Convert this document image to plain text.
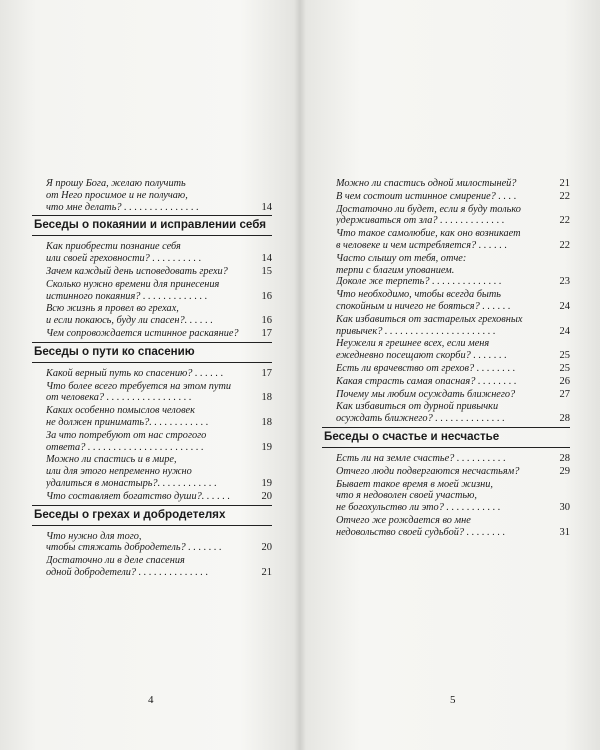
Я прошу Бога, желаю получить
от Него просимое и не получаю,
что мне делать? . . . . . . . . . . . . . . .	14
Беседы о покаянии и исправлении себя
Как приобрести познание себя
или своей греховности? . . . . . . . . . .	14
Зачем каждый день исповедовать грехи?	15
Сколько нужно времени для принесения
истинного покаяния? . . . . . . . . . . . . .	16
Всю жизнь я провел во грехах,
и если покаюсь, буду ли спасен?. . . . . .	16
Чем сопровождается истинное раскаяние?	17
Беседы о пути ко спасению
Какой верный путь ко спасению? . . . . . .	17
Что более всего требуется на этом пути
от человека? . . . . . . . . . . . . . . . . .	18
Каких особенно помыслов человек
не должен принимать?. . . . . . . . . . . .	18
За что потребуют от нас строгого
ответа? . . . . . . . . . . . . . . . . . . . . . . .	19
Можно ли спастись и в мире,
или для этого непременно нужно
удалиться в монастырь?. . . . . . . . . . . .	19
Что составляет богатство души?. . . . . .	20
Беседы о грехах и добродетелях
Что нужно для того,
чтобы стяжать добродетель? . . . . . . .	20
Достаточно ли в деле спасения
одной добродетели? . . . . . . . . . . . . . .	21
4
Можно ли спастись одной милостыней?	21
В чем состоит истинное смирение? . . . .	22
Достаточно ли будет, если я буду только
удерживаться от зла? . . . . . . . . . . . . .	22
Что такое самолюбие, как оно возникает
в человеке и чем истребляется? . . . . . .	22
Часто слышу от тебя, отче:
терпи с благим упованием.
Доколе же терпеть? . . . . . . . . . . . . . .	23
Что необходимо, чтобы всегда быть
спокойным и ничего не бояться? . . . . . .	24
Как избавиться от застарелых греховных
привычек? . . . . . . . . . . . . . . . . . . . . . .	24
Неужели я грешнее всех, если меня
ежедневно посещают скорби? . . . . . . .	25
Есть ли врачевство от грехов? . . . . . . . .	25
Какая страсть самая опасная? . . . . . . . .	26
Почему мы любим осуждать ближнего?	27
Как избавиться от дурной привычки
осуждать ближнего? . . . . . . . . . . . . . .	28
Беседы о счастье и несчастье
Есть ли на земле счастье? . . . . . . . . . .	28
Отчего люди подвергаются несчастьям?	29
Бывает такое время в моей жизни,
что я недоволен своей участью,
не богохульство ли это? . . . . . . . . . . .	30
Отчего же рождается во мне
недовольство своей судьбой? . . . . . . . .	31
5
